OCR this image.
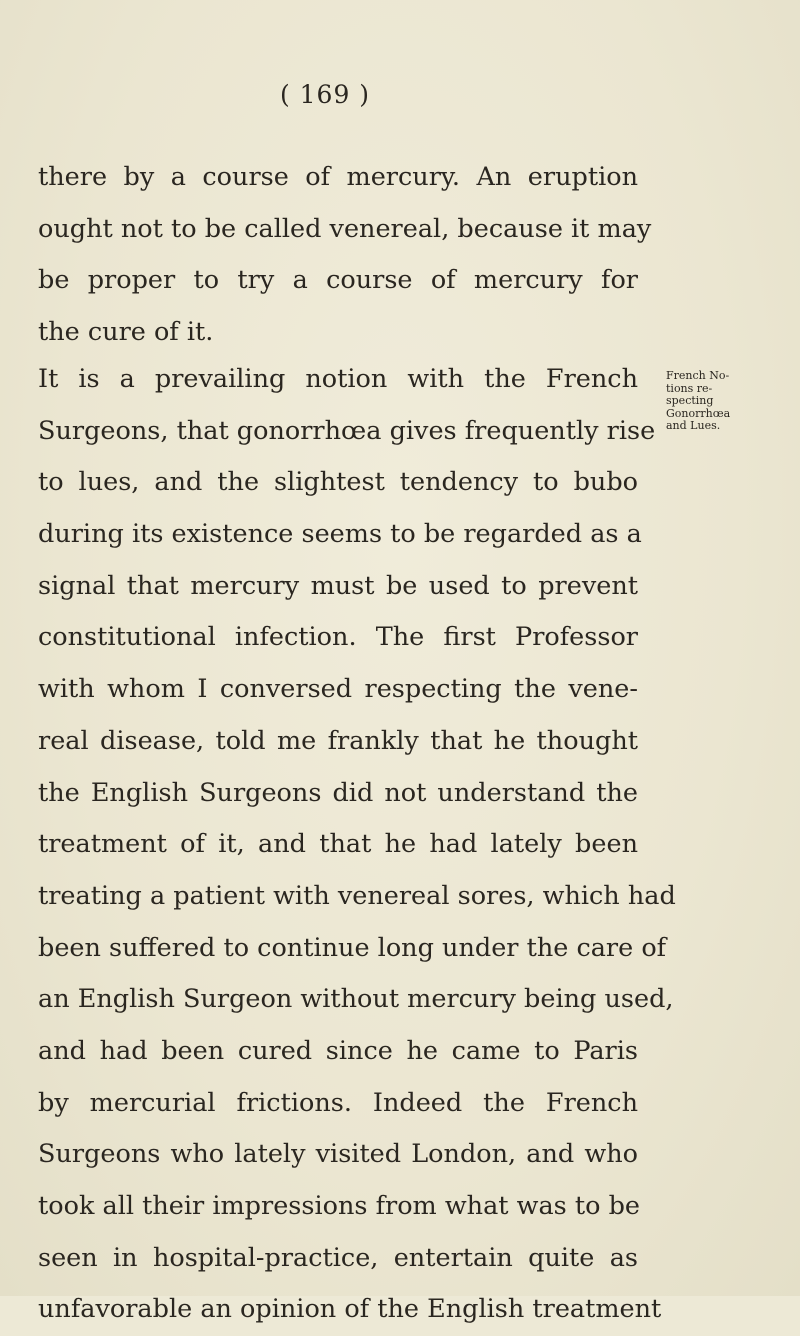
( 169 )
there by a course of mercury. An eruption
ought not to be called venereal, because it may
be proper to try a course of mercury for
the cure of it.
It is a prevailing notion with the French
Surgeons, that gonorrhœa gives frequently rise
to lues, and the slightest tendency to bubo
during its existence seems to be regarded as a
signal that mercury must be used to prevent
constitutional infection. The first Professor
with whom I conversed respecting the vene-
real disease, told me frankly that he thought
the English Surgeons did not understand the
treatment of it, and that he had lately been
treating a patient with venereal sores, which had
been suffered to continue long under the care of
an English Surgeon without mercury being used,
and had been cured since he came to Paris
by mercurial frictions. Indeed the French
Surgeons who lately visited London, and who
took all their impressions from what was to be
seen in hospital-practice, entertain quite as
unfavorable an opinion of the English treatment
French No-
tions re-
specting
Gonorrhœa
and Lues.
